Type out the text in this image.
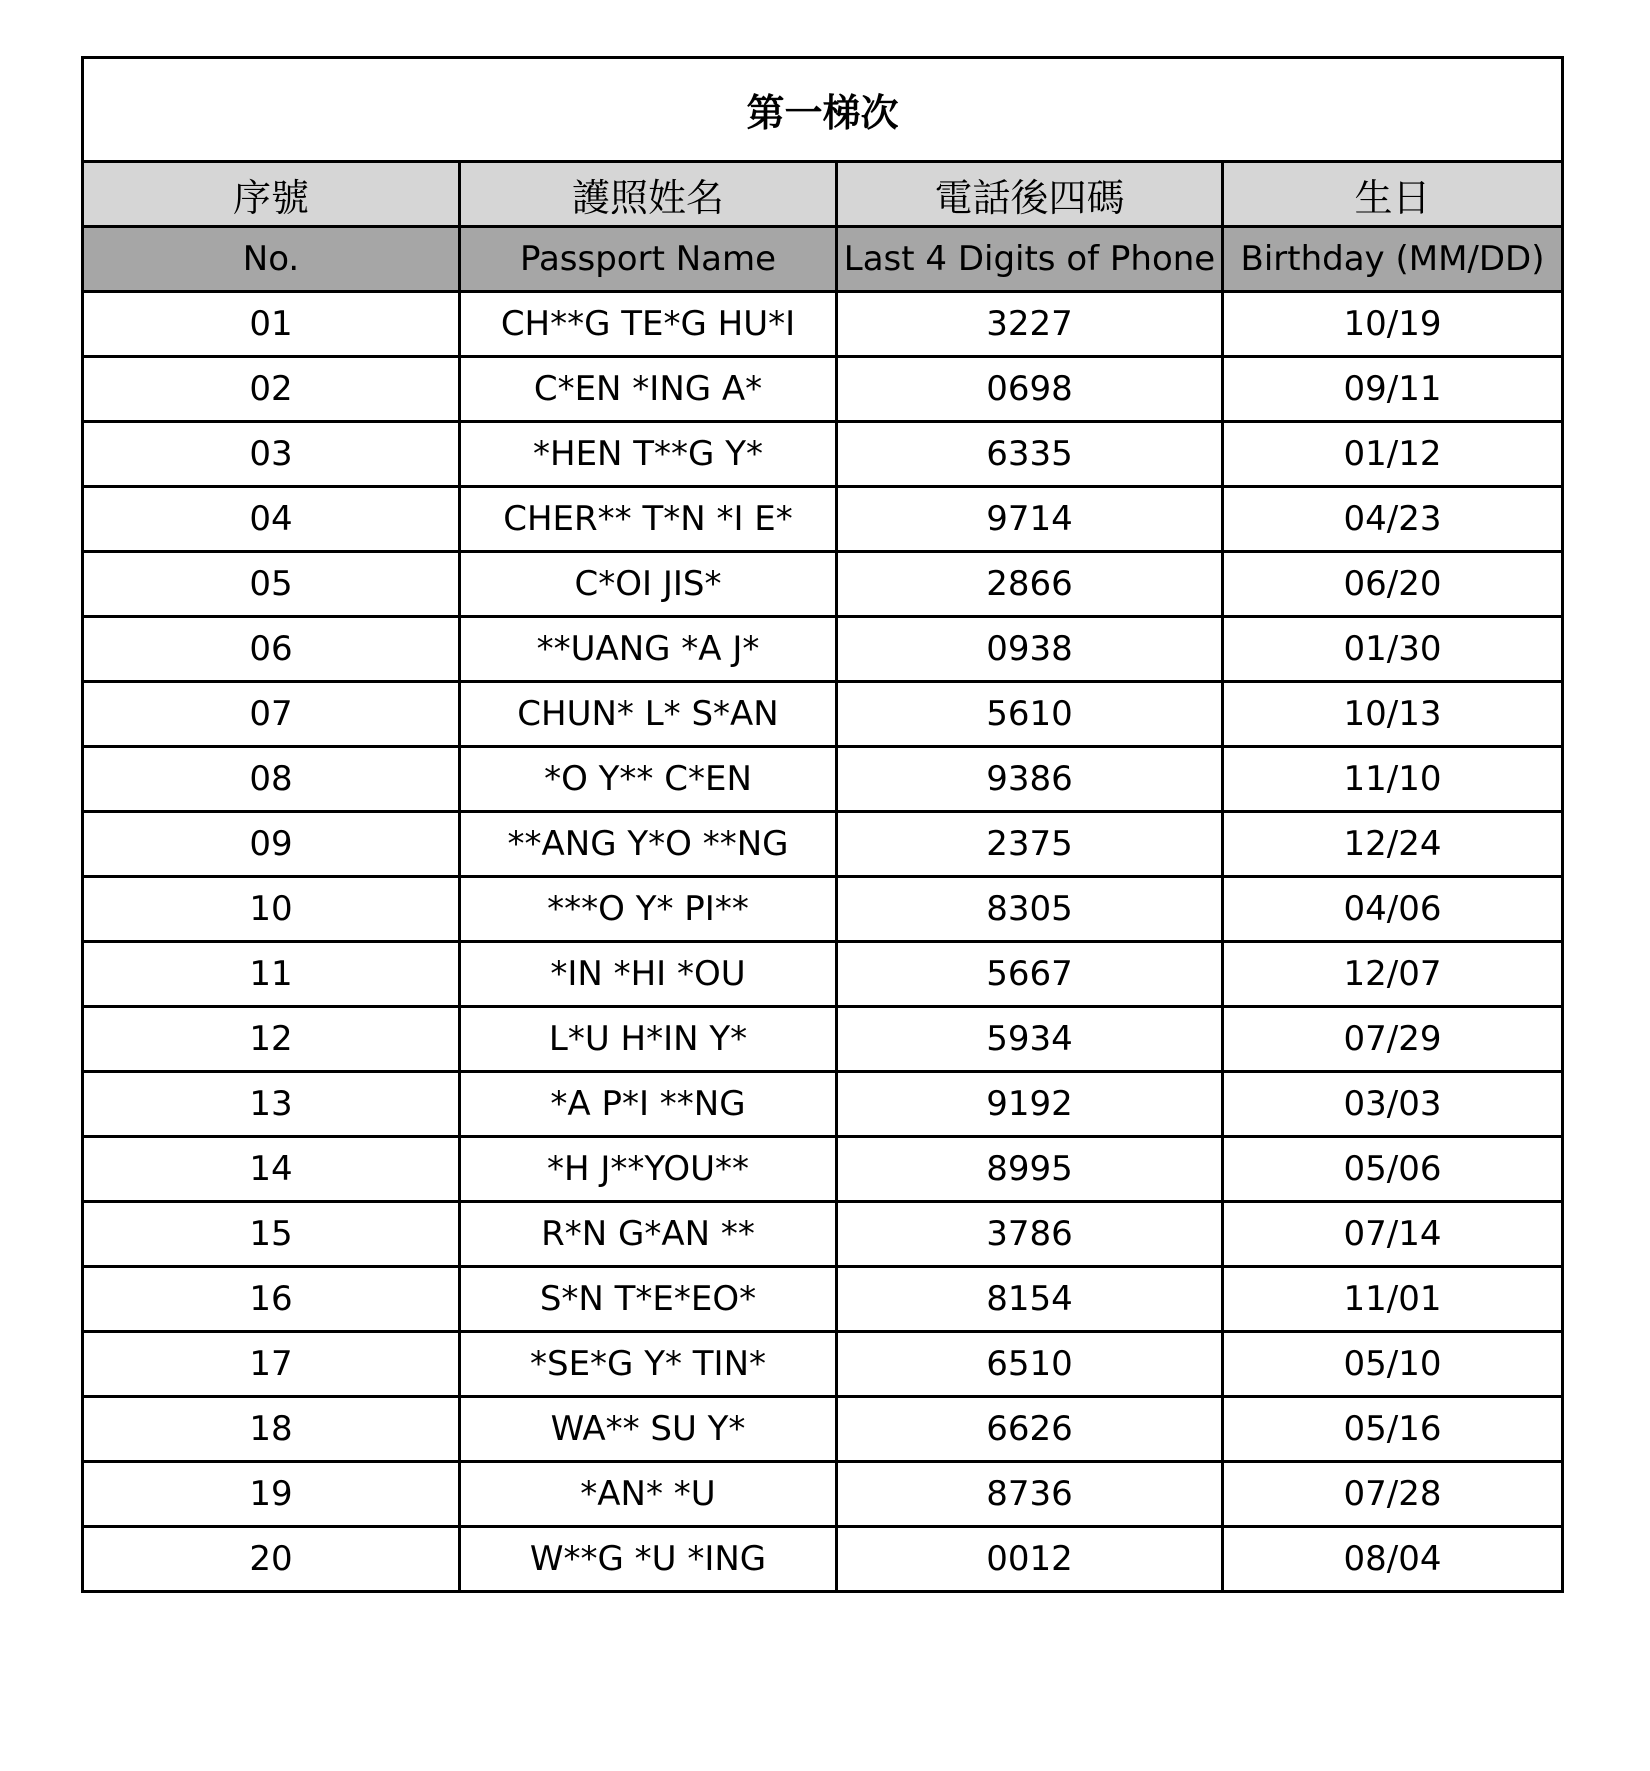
第一梯次			
序號	護照姓名	電話後四碼	生日
No.	Passport Name	Last 4 Digits of Phone	Birthday (MM/DD)
01	CH**G TE*G HU*I	3227	10/19
02	C*EN *ING A*	0698	09/11
03	*HEN T**G Y*	6335	01/12
04	CHER** T*N *I E*	9714	04/23
05	C*OI JIS*	2866	06/20
06	**UANG *A J*	0938	01/30
07	CHUN* L* S*AN	5610	10/13
08	*O Y** C*EN	9386	11/10
09	**ANG Y*O **NG	2375	12/24
10	***O Y* PI**	8305	04/06
11	*IN *HI *OU	5667	12/07
12	L*U H*IN Y*	5934	07/29
13	*A P*I **NG	9192	03/03
14	*H J**YOU**	8995	05/06
15	R*N G*AN **	3786	07/14
16	S*N T*E*EO*	8154	11/01
17	*SE*G Y* TIN*	6510	05/10
18	WA** SU Y*	6626	05/16
19	*AN* *U	8736	07/28
20	W**G *U *ING	0012	08/04
